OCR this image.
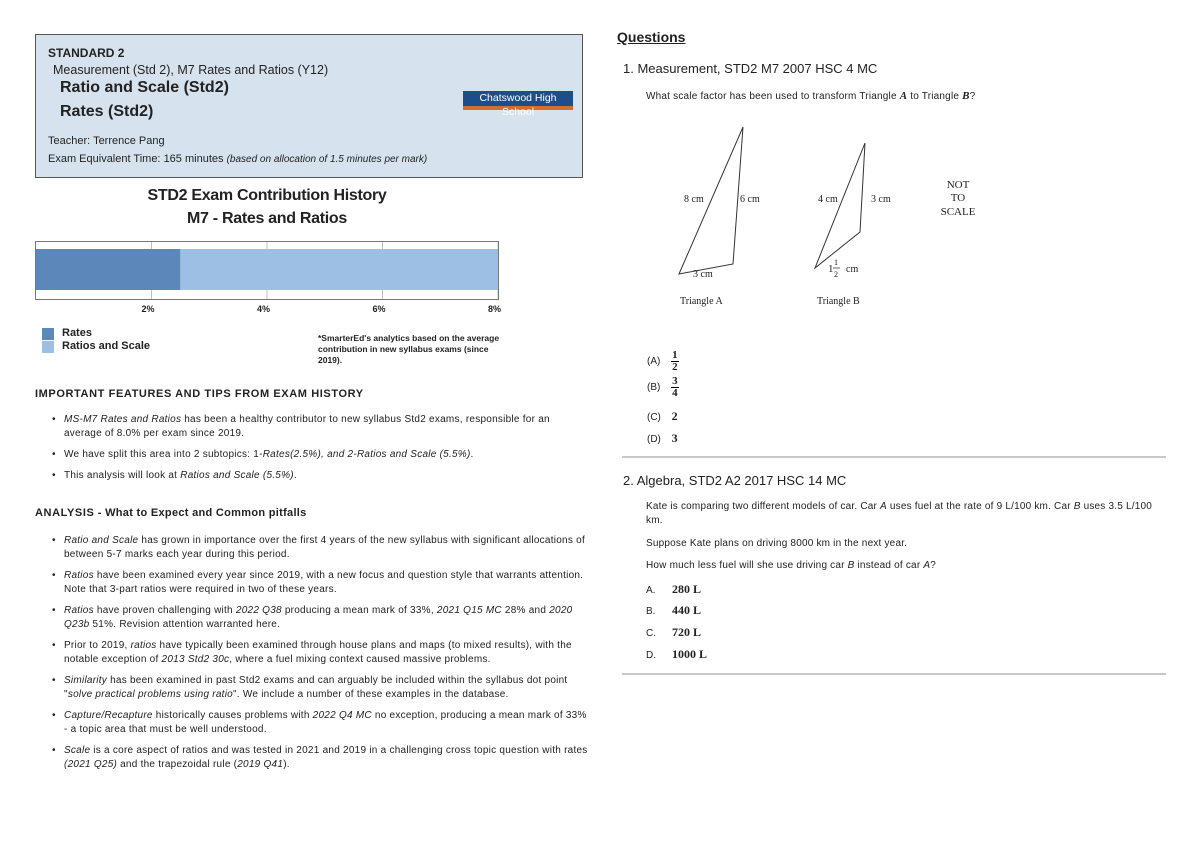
STANDARD 2
Measurement (Std 2), M7 Rates and Ratios (Y12)
Ratio and Scale (Std2)
Rates (Std2)
Teacher: Terrence Pang
Exam Equivalent Time: 165 minutes (based on allocation of 1.5 minutes per mark)
Chatswood High School
STD2 Exam Contribution History
M7 - Rates and Ratios
2%	4%	6%	8%
Rates
Ratios and Scale
*SmarterEd's analytics based on the average contribution in new syllabus exams (since 2019).
IMPORTANT FEATURES AND TIPS FROM EXAM HISTORY
• MS-M7 Rates and Ratios has been a healthy contributor to new syllabus Std2 exams, responsible for an average of 8.0% per exam since 2019.
• We have split this area into 2 subtopics: 1-Rates(2.5%), and 2-Ratios and Scale (5.5%).
• This analysis will look at Ratios and Scale (5.5%).
ANALYSIS - What to Expect and Common pitfalls
• Ratio and Scale has grown in importance over the first 4 years of the new syllabus with significant allocations of between 5-7 marks each year during this period.
• Ratios have been examined every year since 2019, with a new focus and question style that warrants attention. Note that 3-part ratios were required in two of these years.
• Ratios have proven challenging with 2022 Q38 producing a mean mark of 33%, 2021 Q15 MC 28% and 2020 Q23b 51%. Revision attention warranted here.
• Prior to 2019, ratios have typically been examined through house plans and maps (to mixed results), with the notable exception of 2013 Std2 30c, where a fuel mixing context caused massive problems.
• Similarity has been examined in past Std2 exams and can arguably be included within the syllabus dot point "solve practical problems using ratio". We include a number of these examples in the database.
• Capture/Recapture historically causes problems with 2022 Q4 MC no exception, producing a mean mark of 33% - a topic area that must be well understood.
• Scale is a core aspect of ratios and was tested in 2021 and 2019 in a challenging cross topic question with rates (2021 Q25) and the trapezoidal rule (2019 Q41).
Questions
1. Measurement, STD2 M7 2007 HSC 4 MC
What scale factor has been used to transform Triangle A to Triangle B?
8 cm	6 cm
3 cm
Triangle A
4 cm	3 cm
1
1
2 cm
Triangle B
NOT
TO
SCALE
$(A) \frac{1}{2}$
$(B) \frac{3}{4}$
(C) 2
(D) 3
2. Algebra, STD2 A2 2017 HSC 14 MC
Kate is comparing two different models of car. Car A uses fuel at the rate of 9 L/100 km. Car B uses 3.5 L/100 km.
Suppose Kate plans on driving 8000 km in the next year.
How much less fuel will she use driving car B instead of car A?
A. 280 L
B. 440 L
C. 720 L
D. 1000 L
